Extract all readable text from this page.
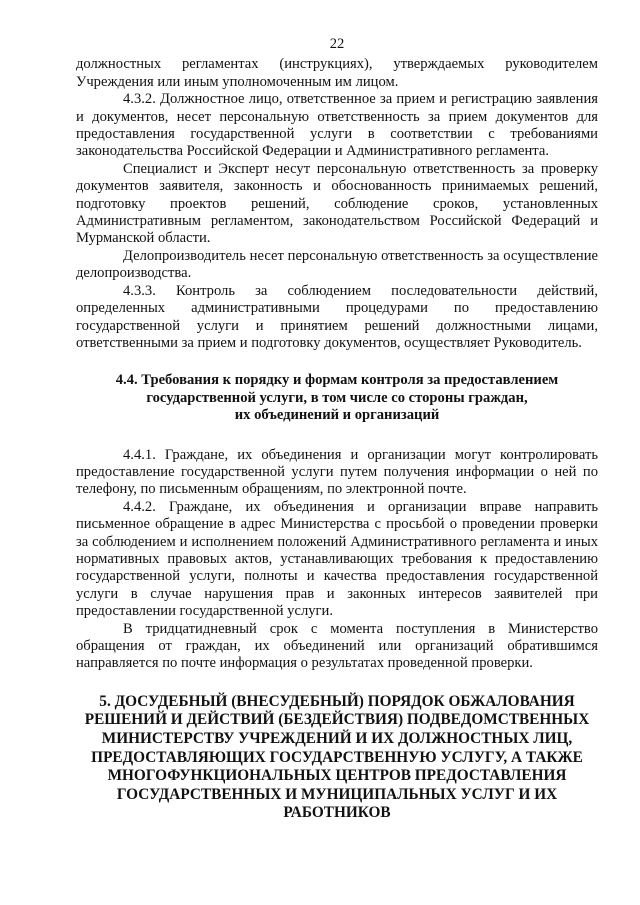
22

должностных регламентах (инструкциях), утверждаемых руководителем Учреждения или иным уполномоченным им лицом.

4.3.2. Должностное лицо, ответственное за прием и регистрацию заявления и документов, несет персональную ответственность за прием документов для предоставления государственной услуги в соответствии с требованиями законодательства Российской Федерации и Административного регламента.

Специалист и Эксперт несут персональную ответственность за проверку документов заявителя, законность и обоснованность принимаемых решений, подготовку проектов решений, соблюдение сроков, установленных Административным регламентом, законодательством Российской Федераций и Мурманской области.

Делопроизводитель несет персональную ответственность за осуществление делопроизводства.

4.3.3. Контроль за соблюдением последовательности действий, определенных административными процедурами по предоставлению государственной услуги и принятием решений должностными лицами, ответственными за прием и подготовку документов, осуществляет Руководитель.

4.4. Требования к порядку и формам контроля за предоставлением
государственной услуги, в том числе со стороны граждан,
их объединений и организаций

4.4.1. Граждане, их объединения и организации могут контролировать предоставление государственной услуги путем получения информации о ней по телефону, по письменным обращениям, по электронной почте.

4.4.2. Граждане, их объединения и организации вправе направить письменное обращение в адрес Министерства с просьбой о проведении проверки за соблюдением и исполнением положений Административного регламента и иных нормативных правовых актов, устанавливающих требования к предоставлению государственной услуги, полноты и качества предоставления государственной услуги в случае нарушения прав и законных интересов заявителей при предоставлении государственной услуги.

В тридцатидневный срок с момента поступления в Министерство обращения от граждан, их объединений или организаций обратившимся направляется по почте информация о результатах проведенной проверки.

5. ДОСУДЕБНЫЙ (ВНЕСУДЕБНЫЙ) ПОРЯДОК ОБЖАЛОВАНИЯ
РЕШЕНИЙ И ДЕЙСТВИЙ (БЕЗДЕЙСТВИЯ) ПОДВЕДОМСТВЕННЫХ
МИНИСТЕРСТВУ УЧРЕЖДЕНИЙ И ИХ ДОЛЖНОСТНЫХ ЛИЦ,
ПРЕДОСТАВЛЯЮЩИХ ГОСУДАРСТВЕННУЮ УСЛУГУ, А ТАКЖЕ
МНОГОФУНКЦИОНАЛЬНЫХ ЦЕНТРОВ ПРЕДОСТАВЛЕНИЯ
ГОСУДАРСТВЕННЫХ И МУНИЦИПАЛЬНЫХ УСЛУГ И ИХ
РАБОТНИКОВ
